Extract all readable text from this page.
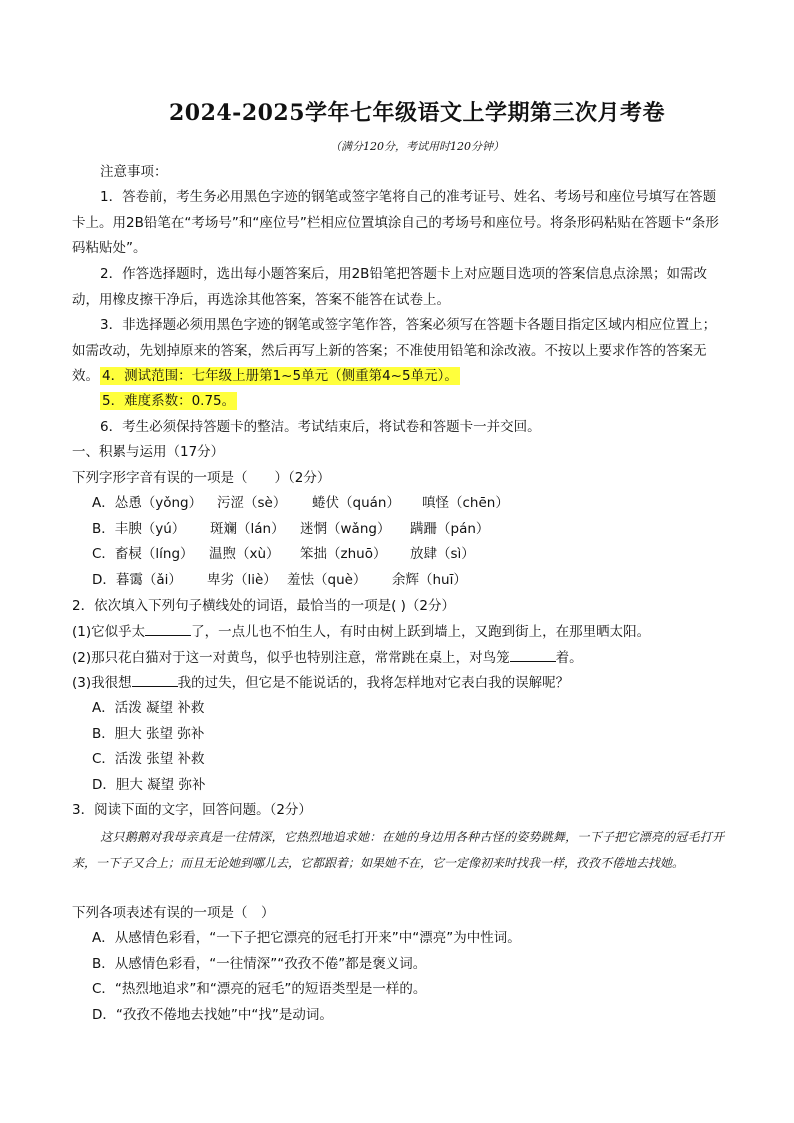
2024-2025学年七年级语文上学期第三次月考卷
（满分120分，考试用时120分钟）
注意事项：
1．答卷前，考生务必用黑色字迹的钢笔或签字笔将自己的准考证号、姓名、考场号和座位号填写在答题卡上。用2B铅笔在“考场号”和“座位号”栏相应位置填涂自己的考场号和座位号。将条形码粘贴在答题卡“条形码粘贴处”。
2．作答选择题时，选出每小题答案后，用2B铅笔把答题卡上对应题目选项的答案信息点涂黑；如需改动，用橡皮擦干净后，再选涂其他答案，答案不能答在试卷上。
3．非选择题必须用黑色字迹的钢笔或签字笔作答，答案必须写在答题卡各题目指定区域内相应位置上；如需改动，先划掉原来的答案，然后再写上新的答案；不准使用铅笔和涂改液。不按以上要求作答的答案无效。 4．测试范围：七年级上册第1~5单元（侧重第4~5单元）。
5．难度系数：0.75。
6．考生必须保持答题卡的整洁。考试结束后，将试卷和答题卡一并交回。
一、积累与运用（17分）
下列字形字音有误的一项是（　　）（2分）
A．怂恿（yǒng） 污涩（sè） 蜷伏（quán） 嗔怪（chēn）
B．丰腴（yú） 斑斓（lán） 迷惘（wǎng） 蹒跚（pán）
C．畜棂（líng） 温煦（xù） 笨拙（zhuō） 放肆（sì）
D．暮霭（ǎi） 卑劣（liè） 羞怯（què） 余辉（huī）
2．依次填入下列句子横线处的词语，最恰当的一项是( )（2分）
(1)它似乎太	了，一点儿也不怕生人，有时由树上跃到墙上，又跑到街上，在那里晒太阳。
(2)那只花白猫对于这一对黄鸟，似乎也特别注意，常常跳在桌上，对鸟笼	着。
(3)我很想	我的过失，但它是不能说话的，我将怎样地对它表白我的误解呢？
A．活泼 凝望 补救
B．胆大 张望 弥补
C．活泼 张望 补救
D．胆大 凝望 弥补
3．阅读下面的文字，回答问题。（2分）
这只鹅鹅对我母亲真是一往情深，它热烈地追求她：在她的身边用各种古怪的姿势跳舞，一下子把它漂亮的冠毛打开来，一下子又合上；而且无论她到哪儿去，它都跟着；如果她不在，它一定像初来时找我一样，孜孜不倦地去找她。
下列各项表述有误的一项是（　）
A．从感情色彩看，“一下子把它漂亮的冠毛打开来”中“漂亮”为中性词。
B．从感情色彩看，“一往情深”“孜孜不倦”都是褒义词。
C．“热烈地追求”和“漂亮的冠毛”的短语类型是一样的。
D．“孜孜不倦地去找她”中“找”是动词。
